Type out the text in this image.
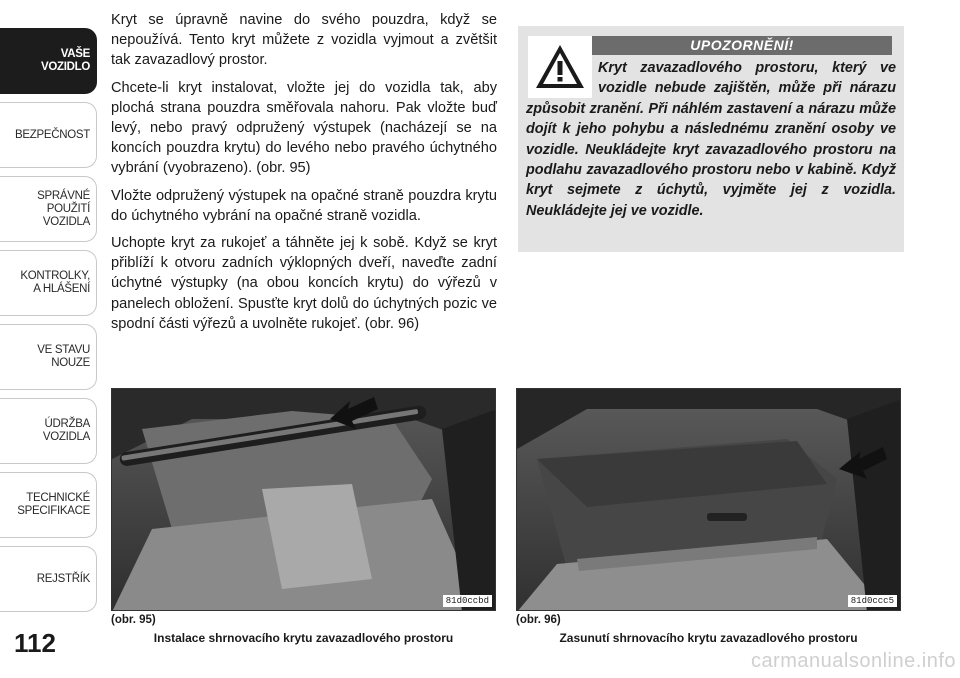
VAŠE
VOZIDLO
BEZPEČNOST
SPRÁVNÉ
POUŽITÍ
VOZIDLA
KONTROLKY,
A HLÁŠENÍ
VE STAVU
NOUZE
ÚDRŽBA
VOZIDLA
TECHNICKÉ
SPECIFIKACE
REJSTŘÍK
112

Kryt se úpravně navine do svého pouzdra, když se nepoužívá. Tento kryt můžete z vozidla vyjmout a zvětšit tak zavazadlový prostor.

Chcete-li kryt instalovat, vložte jej do vozidla tak, aby plochá strana pouzdra směřovala nahoru. Pak vložte buď levý, nebo pravý odpružený výstupek (nacházejí se na koncích pouzdra krytu) do levého nebo pravého úchytného vybrání (vyobrazeno). (obr. 95)

Vložte odpružený výstupek na opačné straně pouzdra krytu do úchytného vybrání na opačné straně vozidla.

Uchopte kryt za rukojeť a táhněte jej k sobě. Když se kryt přiblíží k otvoru zadních výklopných dveří, naveďte zadní úchytné výstupky (na obou koncích krytu) do výřezů v panelech obložení. Spusťte kryt dolů do úchytných pozic ve spodní části výřezů a uvolněte rukojeť. (obr. 96)

UPOZORNĚNÍ!
Kryt zavazadlového prostoru, který ve vozidle nebude zajištěn, může při nárazu způsobit zranění. Při náhlém zastavení a nárazu může dojít k jeho pohybu a následnému zranění osoby ve vozidle. Neukládejte kryt zavazadlového prostoru na podlahu zavazadlového prostoru nebo v kabině. Když kryt sejmete z úchytů, vyjměte jej z vozidla. Neukládejte jej ve vozidle.
81d0ccbd
(obr. 95)
Instalace shrnovacího krytu zavazadlového prostoru
81d0ccc5
(obr. 96)
Zasunutí shrnovacího krytu zavazadlového prostoru
carmanualsonline.info
